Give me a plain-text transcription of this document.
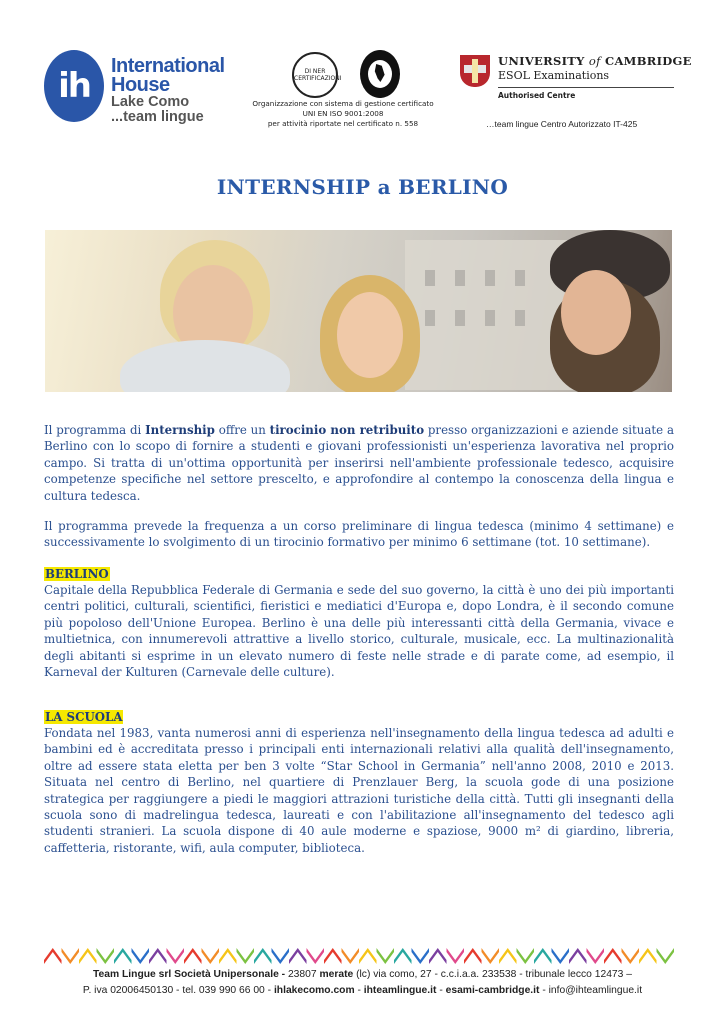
ih	International
House
Lake Como
...team lingue
DI NER CERTIFICAZIONI
Organizzazione con sistema di gestione certificato
UNI EN ISO 9001:2008
per attività riportate nel certificato n. 558
UNIVERSITY of CAMBRIDGE
ESOL Examinations
Authorised Centre
…team lingue Centro Autorizzato IT-425
INTERNSHIP a BERLINO
Il programma di Internship offre un tirocinio non retribuito presso organizzazioni e aziende situate a Berlino con lo scopo di fornire a studenti e giovani professionisti un'esperienza lavorativa nel proprio campo. Si tratta di un'ottima opportunità per inserirsi nell'ambiente professionale tedesco, acquisire competenze specifiche nel settore prescelto, e approfondire al contempo la conoscenza della lingua e cultura tedesca.
Il programma prevede la frequenza a un corso preliminare di lingua tedesca (minimo 4 settimane) e successivamente lo svolgimento di un tirocinio formativo per minimo 6 settimane (tot. 10 settimane).
BERLINO
Capitale della Repubblica Federale di Germania e sede del suo governo, la città è uno dei più importanti centri politici, culturali, scientifici, fieristici e mediatici d'Europa e, dopo Londra, è il secondo comune più popoloso dell'Unione Europea. Berlino è una delle più interessanti città della Germania, vivace e multietnica, con innumerevoli attrattive a livello storico, culturale, musicale, ecc. La multinazionalità degli abitanti si esprime in un elevato numero di feste nelle strade e di parate come, ad esempio, il Karneval der Kulturen (Carnevale delle culture).
LA SCUOLA
Fondata nel 1983, vanta numerosi anni di esperienza nell'insegnamento della lingua tedesca ad adulti e bambini ed è accreditata presso i principali enti internazionali relativi alla qualità dell'insegnamento, oltre ad essere stata eletta per ben 3 volte “Star School in Germania” nell'anno 2008, 2010 e 2013. Situata nel centro di Berlino, nel quartiere di Prenzlauer Berg, la scuola gode di una posizione strategica per raggiungere a piedi le maggiori attrazioni turistiche della città. Tutti gli insegnanti della scuola sono di madrelingua tedesca, laureati e con l'abilitazione all'insegnamento del tedesco agli studenti stranieri. La scuola dispone di 40 aule moderne e spaziose, 9000 m² di giardino, libreria, caffetteria, ristorante, wifi, aula computer, biblioteca.
Team Lingue srl Società Unipersonale - 23807 merate (lc) via como, 27 - c.c.i.a.a. 233538 - tribunale lecco 12473 –
P. iva 02006450130 - tel. 039 990 66 00 - ihlakecomo.com - ihteamlingue.it - esami-cambridge.it - info@ihteamlingue.it
